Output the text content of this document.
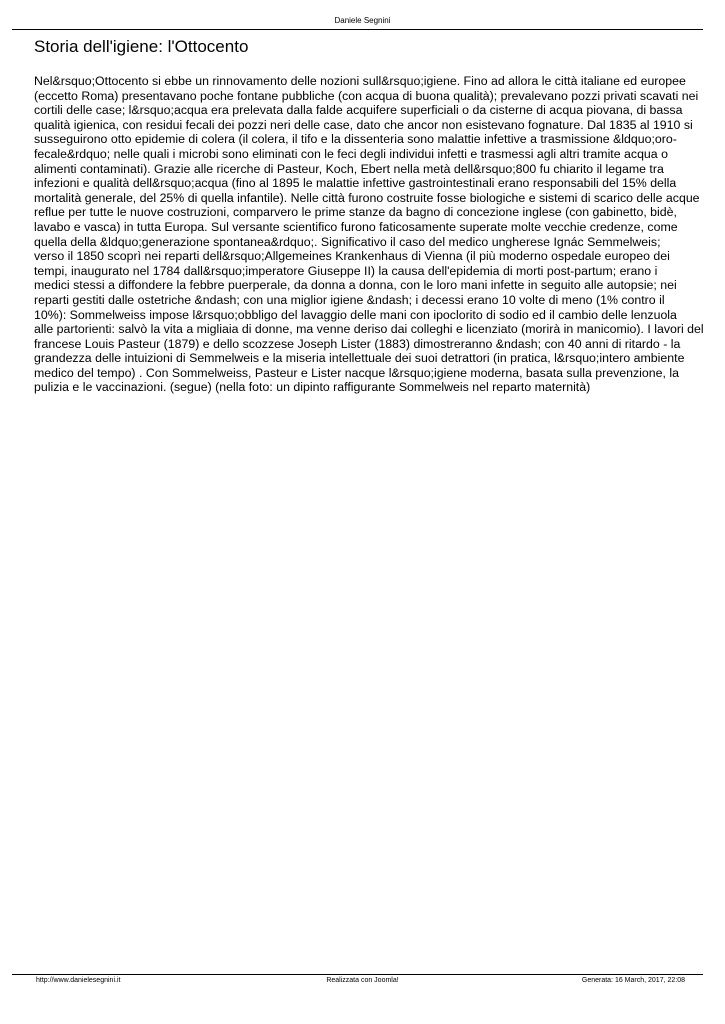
Daniele Segnini
Storia dell'igiene: l'Ottocento

Nel&rsquo;Ottocento si ebbe un rinnovamento delle nozioni sull&rsquo;igiene. Fino ad allora le città italiane ed europee
(eccetto Roma) presentavano poche fontane pubbliche (con acqua di buona qualità); prevalevano pozzi privati scavati nei
cortili delle case; l&rsquo;acqua era prelevata dalla falde acquifere superficiali o da cisterne di acqua piovana, di bassa
qualità igienica, con residui fecali dei pozzi neri delle case, dato che ancor non esistevano fognature. Dal 1835 al 1910 si
susseguirono otto epidemie di colera (il colera, il tifo e la dissenteria sono malattie infettive a trasmissione &ldquo;oro-
fecale&rdquo; nelle quali i microbi sono eliminati con le feci degli individui infetti e trasmessi agli altri tramite acqua o
alimenti contaminati). Grazie alle ricerche di Pasteur, Koch, Ebert nella metà dell&rsquo;800 fu chiarito il legame tra
infezioni e qualità dell&rsquo;acqua (fino al 1895 le malattie infettive gastrointestinali erano responsabili del 15% della
mortalità generale, del 25% di quella infantile). Nelle città furono costruite fosse biologiche e sistemi di scarico delle acque
reflue per tutte le nuove costruzioni, comparvero le prime stanze da bagno di concezione inglese (con gabinetto, bidè,
lavabo e vasca) in tutta Europa. Sul versante scientifico furono faticosamente superate molte vecchie credenze, come
quella della &ldquo;generazione spontanea&rdquo;. Significativo il caso del medico ungherese Ignác Semmelweis;
verso il 1850 scoprì nei reparti dell&rsquo;Allgemeines Krankenhaus di Vienna (il più moderno ospedale europeo dei
tempi, inaugurato nel 1784 dall&rsquo;imperatore Giuseppe II) la causa dell'epidemia di morti post-partum; erano i
medici stessi a diffondere la febbre puerperale, da donna a donna, con le loro mani infette in seguito alle autopsie; nei
reparti gestiti dalle ostetriche &ndash; con una miglior igiene &ndash; i decessi erano 10 volte di meno (1% contro il
10%): Sommelweiss impose l&rsquo;obbligo del lavaggio delle mani con ipoclorito di sodio ed il cambio delle lenzuola
alle partorienti: salvò la vita a migliaia di donne, ma venne deriso dai colleghi e licenziato (morirà in manicomio). I lavori del
francese Louis Pasteur (1879) e dello scozzese Joseph Lister (1883) dimostreranno &ndash; con 40 anni di ritardo - la
grandezza delle intuizioni di Semmelweis e la miseria intellettuale dei suoi detrattori (in pratica, l&rsquo;intero ambiente
medico del tempo) . Con Sommelweiss, Pasteur e Lister nacque l&rsquo;igiene moderna, basata sulla prevenzione, la
pulizia e le vaccinazioni. (segue) (nella foto: un dipinto raffigurante Sommelweis nel reparto maternità)

http://www.danielesegnini.it	Realizzata con Joomla!	Generata: 16 March, 2017, 22:08
